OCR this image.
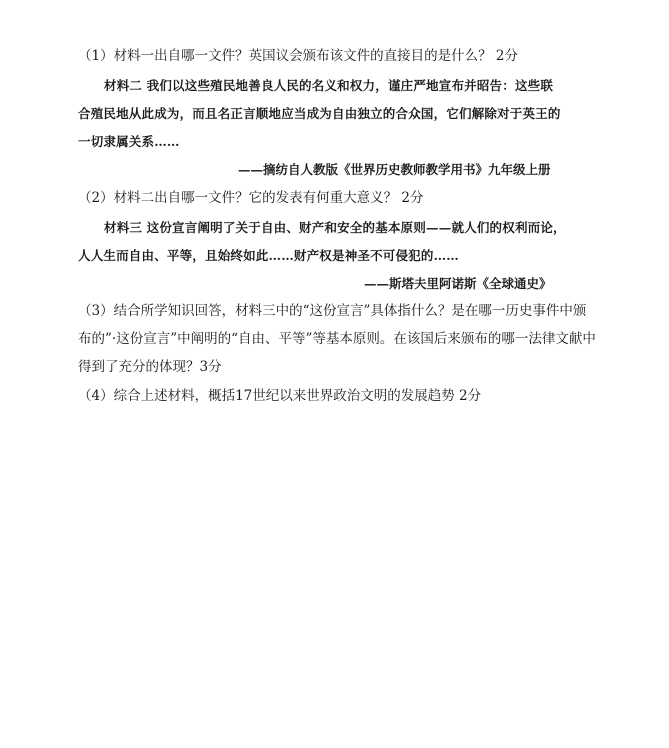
（1）材料一出自哪一文件？英国议会颁布该文件的直接目的是什么？ 2分
材料二 我们以这些殖民地善良人民的名义和权力，谨庄严地宣布并昭告：这些联
合殖民地从此成为，而且名正言顺地应当成为自由独立的合众国，它们解除对于英王的
一切隶属关系……
——摘纺自人教版《世界历史教师教学用书》九年级上册
（2）材料二出自哪一文件？它的发表有何重大意义？ 2分
材料三 这份宣言阐明了关于自由、财产和安全的基本原则——就人们的权利而论，
人人生而自由、平等，且始终如此……财产权是神圣不可侵犯的……
——斯塔夫里阿诺斯《全球通史》
（3）结合所学知识回答，材料三中的“这份宣言”具体指什么？是在哪一历史事件中颁
布的”·这份宣言”中阐明的“自由、平等”等基本原则。在该国后来颁布的哪一法律文献中
得到了充分的体现？3分
（4）综合上述材料，概括17世纪以来世界政治文明的发展趋势 2分
